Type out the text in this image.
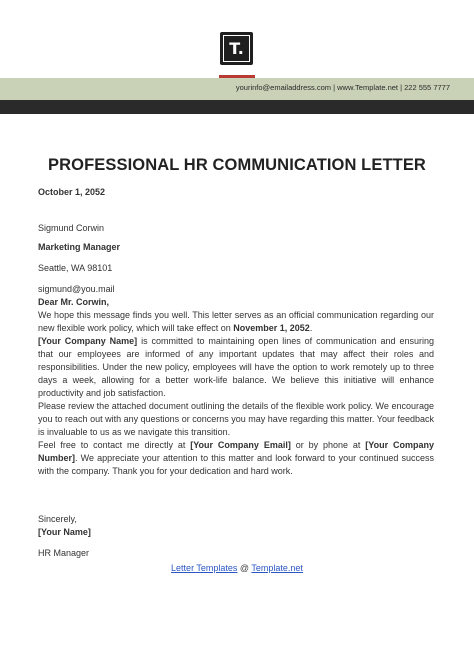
T.
yourinfo@emailaddress.com | www.Template.net | 222 555 7777
PROFESSIONAL HR COMMUNICATION LETTER
October 1, 2052
Sigmund Corwin
Marketing Manager
Seattle, WA 98101
sigmund@you.mail
Dear Mr. Corwin,

We hope this message finds you well. This letter serves as an official communication regarding our new flexible work policy, which will take effect on November 1, 2052.

[Your Company Name] is committed to maintaining open lines of communication and ensuring that our employees are informed of any important updates that may affect their roles and responsibilities. Under the new policy, employees will have the option to work remotely up to three days a week, allowing for a better work-life balance. We believe this initiative will enhance productivity and job satisfaction.

Please review the attached document outlining the details of the flexible work policy. We encourage you to reach out with any questions or concerns you may have regarding this matter. Your feedback is invaluable to us as we navigate this transition.

Feel free to contact me directly at [Your Company Email] or by phone at [Your Company Number]. We appreciate your attention to this matter and look forward to your continued success with the company. Thank you for your dedication and hard work.

Sincerely,
[Your Name]
HR Manager
Letter Templates @ Template.net
